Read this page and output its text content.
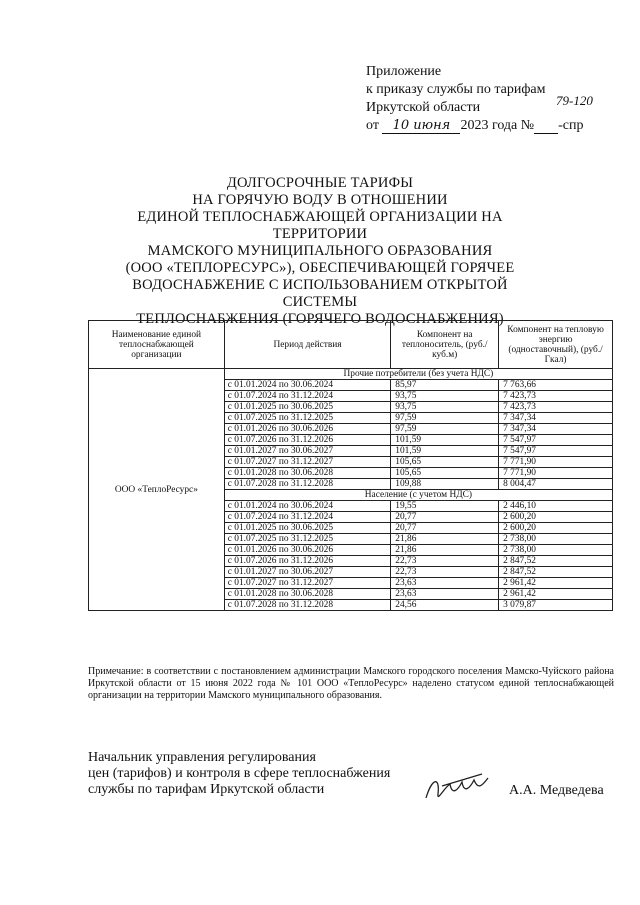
Приложение
к приказу службы по тарифам
Иркутской области
от 10 июня 2023 года № -спр
79-120
ДОЛГОСРОЧНЫЕ ТАРИФЫ
НА ГОРЯЧУЮ ВОДУ В ОТНОШЕНИИ
ЕДИНОЙ ТЕПЛОСНАБЖАЮЩЕЙ ОРГАНИЗАЦИИ НА ТЕРРИТОРИИ
МАМСКОГО МУНИЦИПАЛЬНОГО ОБРАЗОВАНИЯ
(ООО «ТЕПЛОРЕСУРС»), ОБЕСПЕЧИВАЮЩЕЙ ГОРЯЧЕЕ
ВОДОСНАБЖЕНИЕ С ИСПОЛЬЗОВАНИЕМ ОТКРЫТОЙ СИСТЕМЫ
ТЕПЛОСНАБЖЕНИЯ (ГОРЯЧЕГО ВОДОСНАБЖЕНИЯ)
Наименование единой теплоснабжающей организации	Период действия	Компонент на теплоноситель, (руб./куб.м)	Компонент на тепловую энергию (одноставочный), (руб./Гкал)
ООО «ТеплоРесурс»	Прочие потребители (без учета НДС)		
	с 01.01.2024 по 30.06.2024	85,97	7 763,66
	с 01.07.2024 по 31.12.2024	93,75	7 423,73
	с 01.01.2025 по 30.06.2025	93,75	7 423,73
	с 01.07.2025 по 31.12.2025	97,59	7 347,34
	с 01.01.2026 по 30.06.2026	97,59	7 347,34
	с 01.07.2026 по 31.12.2026	101,59	7 547,97
	с 01.01.2027 по 30.06.2027	101,59	7 547,97
	с 01.07.2027 по 31.12.2027	105,65	7 771,90
	с 01.01.2028 по 30.06.2028	105,65	7 771,90
	с 01.07.2028 по 31.12.2028	109,88	8 004,47
	Население (с учетом НДС)		
	с 01.01.2024 по 30.06.2024	19,55	2 446,10
	с 01.07.2024 по 31.12.2024	20,77	2 600,20
	с 01.01.2025 по 30.06.2025	20,77	2 600,20
	с 01.07.2025 по 31.12.2025	21,86	2 738,00
	с 01.01.2026 по 30.06.2026	21,86	2 738,00
	с 01.07.2026 по 31.12.2026	22,73	2 847,52
	с 01.01.2027 по 30.06.2027	22,73	2 847,52
	с 01.07.2027 по 31.12.2027	23,63	2 961,42
	с 01.01.2028 по 30.06.2028	23,63	2 961,42
	с 01.07.2028 по 31.12.2028	24,56	3 079,87
Примечание: в соответствии с постановлением администрации Мамского городского поселения Мамско-Чуйского района Иркутской области от 15 июня 2022 года № 101 ООО «ТеплоРесурс» наделено статусом единой теплоснабжающей организации на территории Мамского муниципального образования.
Начальник управления регулирования
цен (тарифов) и контроля в сфере теплоснабжения
службы по тарифам Иркутской области	А.А. Медведева
